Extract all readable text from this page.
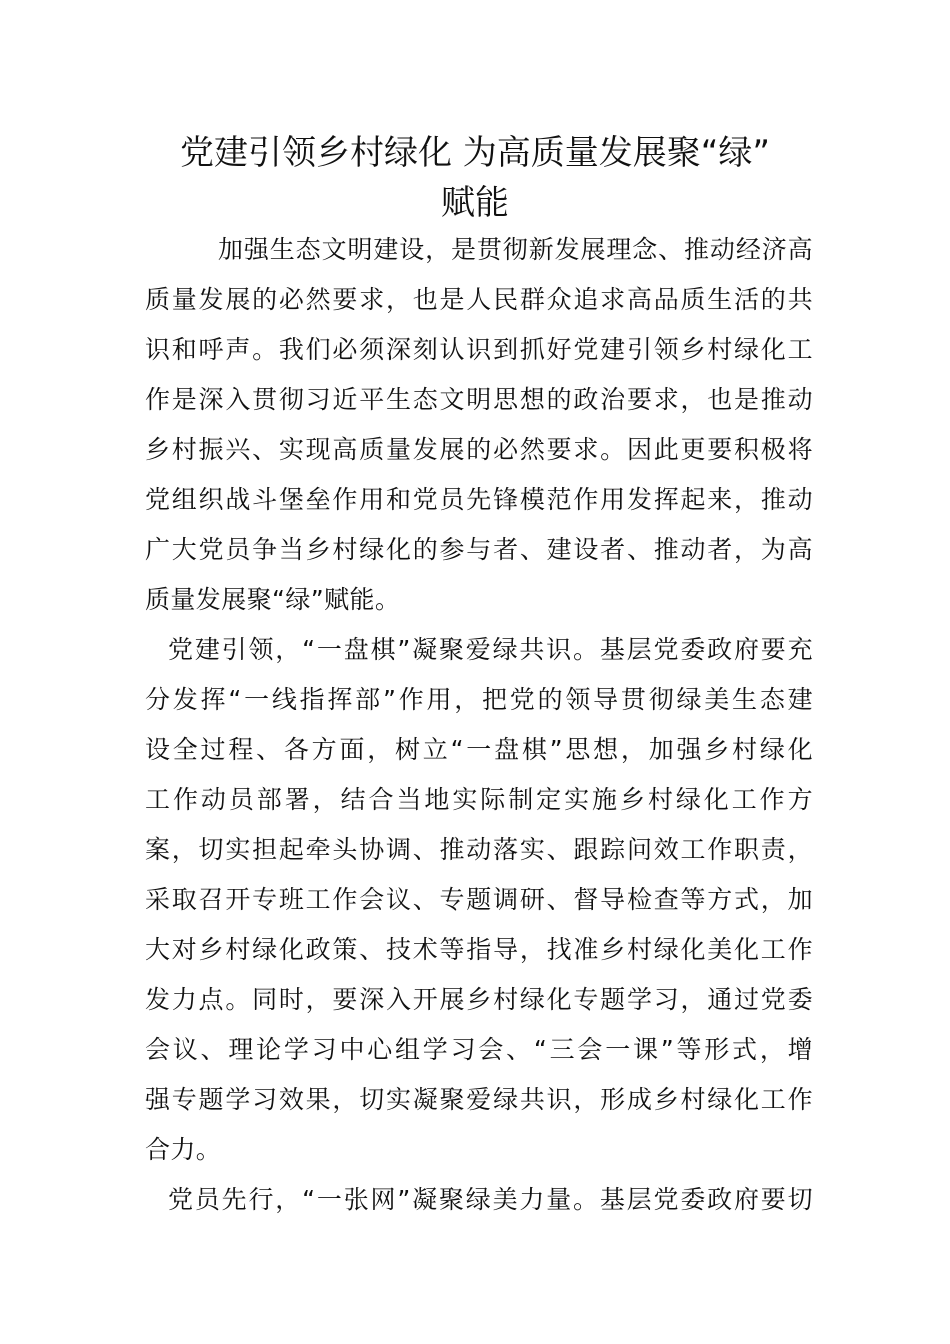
党建引领乡村绿化 为高质量发展聚“绿”
赋能
加强生态文明建设，是贯彻新发展理念、推动经济高
质量发展的必然要求，也是人民群众追求高品质生活的共
识和呼声。我们必须深刻认识到抓好党建引领乡村绿化工
作是深入贯彻习近平生态文明思想的政治要求，也是推动
乡村振兴、实现高质量发展的必然要求。因此更要积极将
党组织战斗堡垒作用和党员先锋模范作用发挥起来，推动
广大党员争当乡村绿化的参与者、建设者、推动者，为高
质量发展聚“绿”赋能。
党建引领，“一盘棋”凝聚爱绿共识。基层党委政府要充
分发挥“一线指挥部”作用，把党的领导贯彻绿美生态建
设全过程、各方面，树立“一盘棋”思想，加强乡村绿化
工作动员部署，结合当地实际制定实施乡村绿化工作方
案，切实担起牵头协调、推动落实、跟踪问效工作职责，
采取召开专班工作会议、专题调研、督导检查等方式，加
大对乡村绿化政策、技术等指导，找准乡村绿化美化工作
发力点。同时，要深入开展乡村绿化专题学习，通过党委
会议、理论学习中心组学习会、“三会一课”等形式，增
强专题学习效果，切实凝聚爱绿共识，形成乡村绿化工作
合力。
党员先行，“一张网”凝聚绿美力量。基层党委政府要切
